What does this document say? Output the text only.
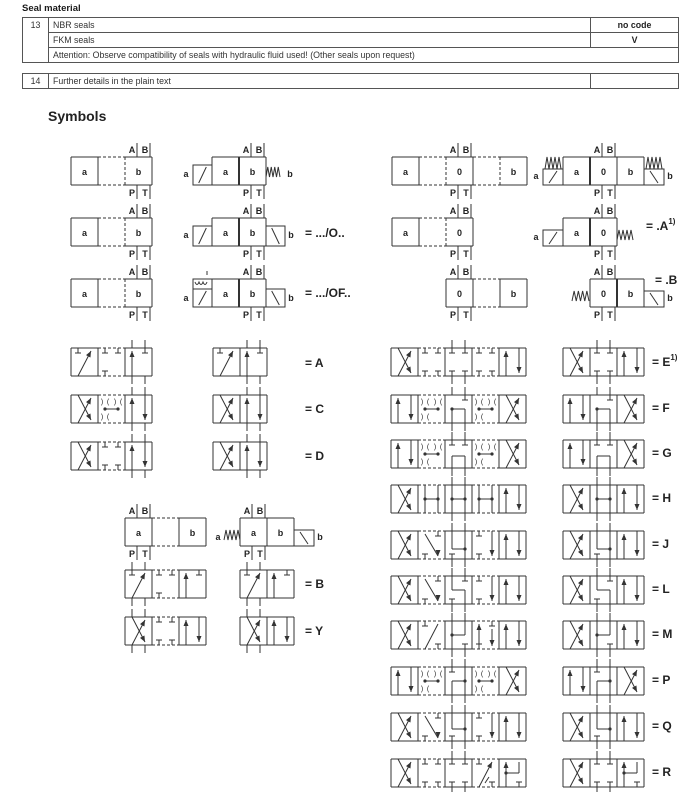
Seal material
13	NBR seals	no code
	FKM seals	V
	Attention: Observe compatibility of seals with hydraulic fluid used! (Other seals upon request)	
14	Further details in the plain text	
Symbols
a	b
A B
P T
a	a b
A B
P T
b
a	b
A B
P T
a	a b
A B
P T
b
a	b
A B
P T
a	a b
A B
P T
b
a	0	b
A B
P T
a	a 0 b
A B
P T
b
a	0
A B
P T
a	a 0
A B
P T
0	b
A B
P T
0 b
A B
P T
b
) ( ) (
) (
a	b
A B
P T
a	a b
A B
P T
b
) ( ) (
) (
) ( ) (
) (
) ( ) (
) (
) ( ) (
) (
) ( ) (
) (
) ( ) (
) (
= .../O..
= .../OF..
= $.A^{1)}$
= .B
= A
= C
= D
= B
= Y
= $E^{1)}$
= F
= G
= H
= J
= L
= M
= P
= Q
= R
